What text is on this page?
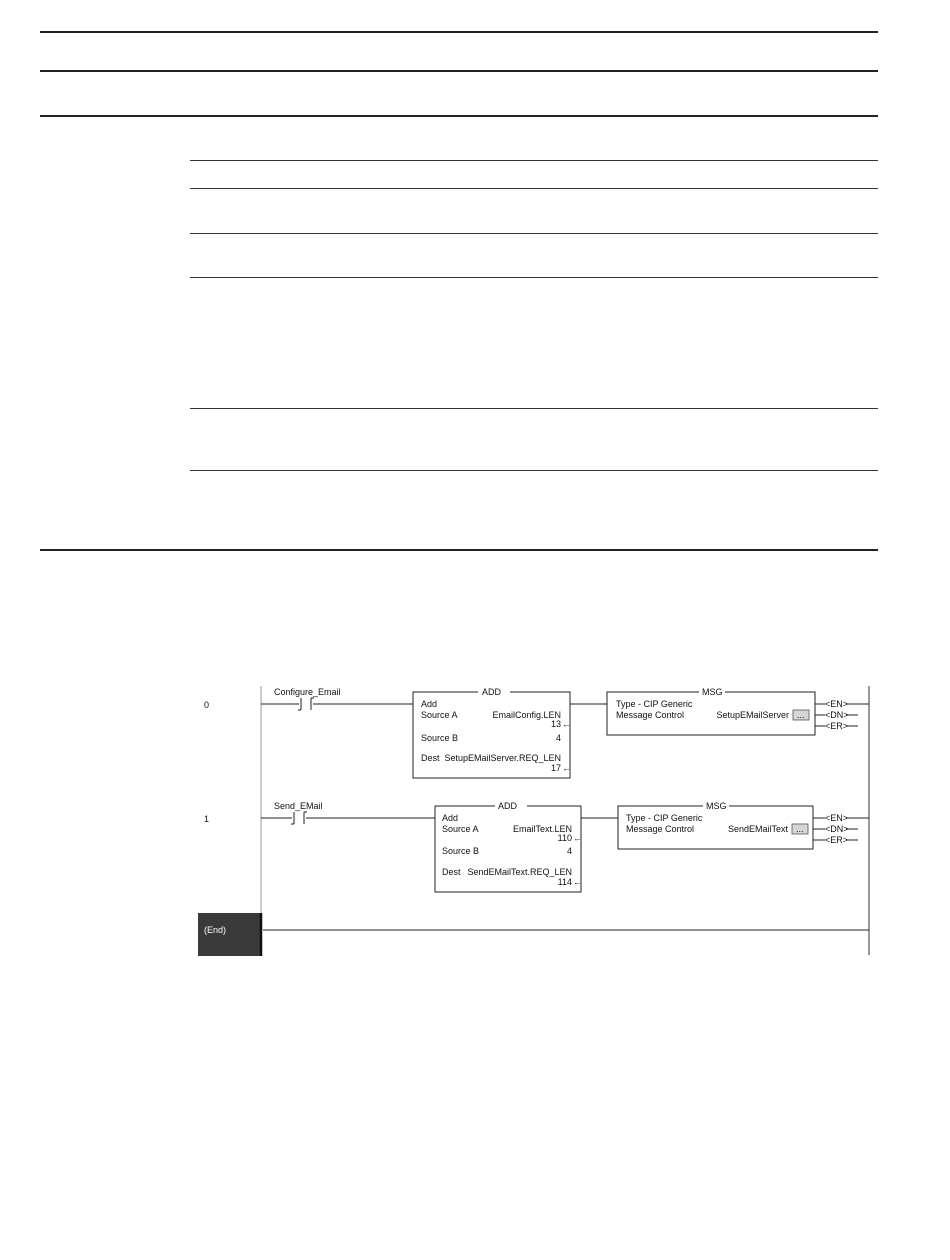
0
Configure_Email	ADD
Add
Source A	EmailConfig.LEN
13 ←
Source B	4
Dest SetupEMailServer.REQ_LEN
17 ←
MSG
Type - CIP Generic
Message Control	SetupEMailServer ...
<EN>
<DN>
<ER>
1
Send_EMail	ADD
Add
Source A	EmailText.LEN
110 ←
Source B	4
Dest SendEMailText.REQ_LEN
114 ←
MSG
Type - CIP Generic
Message Control	SendEMailText ...
<EN>
<DN>
<ER>
(End)
